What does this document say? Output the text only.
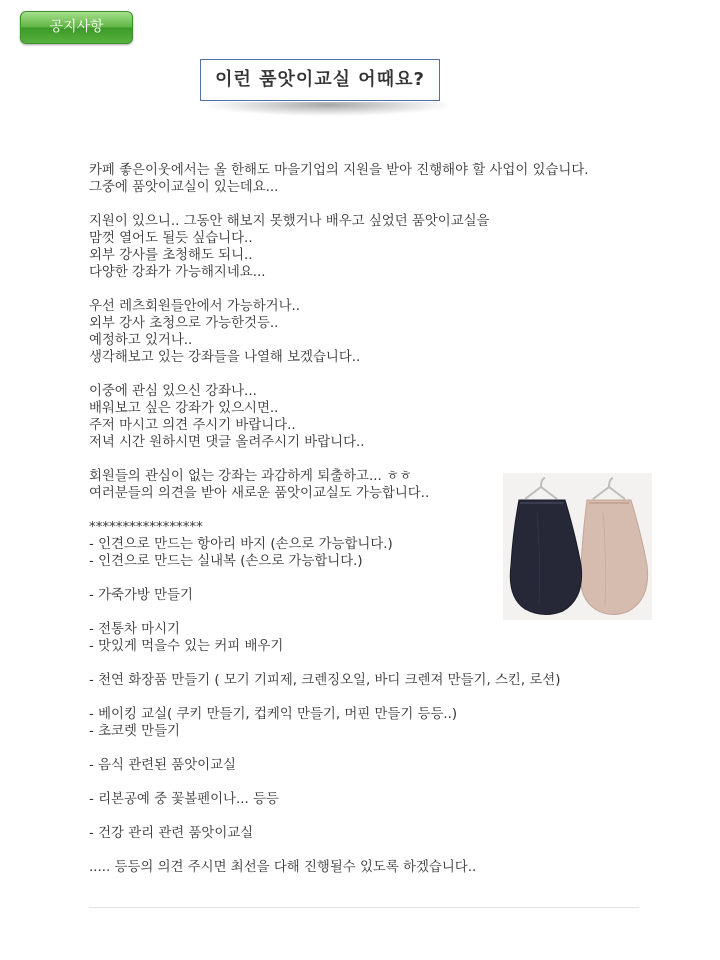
공지사항
이런 품앗이교실 어때요?
카페 좋은이웃에서는 올 한해도 마을기업의 지원을 받아 진행해야 할 사업이 있습니다.
그중에 품앗이교실이 있는데요...
지원이 있으니.. 그동안 해보지 못했거나 배우고 싶었던 품앗이교실을
맘껏 열어도 될듯 싶습니다..
외부 강사를 초청해도 되니..
다양한 강좌가 가능해지네요...
우선 레츠회원들안에서 가능하거나..
외부 강사 초청으로 가능한것등..
예정하고 있거나..
생각해보고 있는 강좌들을 나열해 보겠습니다..
이중에 관심 있으신 강좌나...
배워보고 싶은 강좌가 있으시면..
주저 마시고 의견 주시기 바랍니다..
저녁 시간 원하시면 댓글 올려주시기 바랍니다..
회원들의 관심이 없는 강좌는 과감하게 퇴출하고... ㅎㅎ
여러분들의 의견을 받아 새로운 품앗이교실도 가능합니다..
*****************
- 인견으로 만드는 항아리 바지 (손으로 가능합니다.)
- 인견으로 만드는 실내복 (손으로 가능합니다.)
- 가죽가방 만들기
- 전통차 마시기
- 맛있게 먹을수 있는 커피 배우기
- 천연 화장품 만들기 ( 모기 기피제, 크렌징오일, 바디 크렌져 만들기, 스킨, 로션)
- 베이킹 교실( 쿠키 만들기, 컵케익 만들기, 머핀 만들기 등등..)
- 초코렛 만들기
- 음식 관련된 품앗이교실
- 리본공예 중 꽃볼펜이나... 등등
- 건강 관리 관련 품앗이교실
..... 등등의 의견 주시면 최선을 다해 진행될수 있도록 하겠습니다..
